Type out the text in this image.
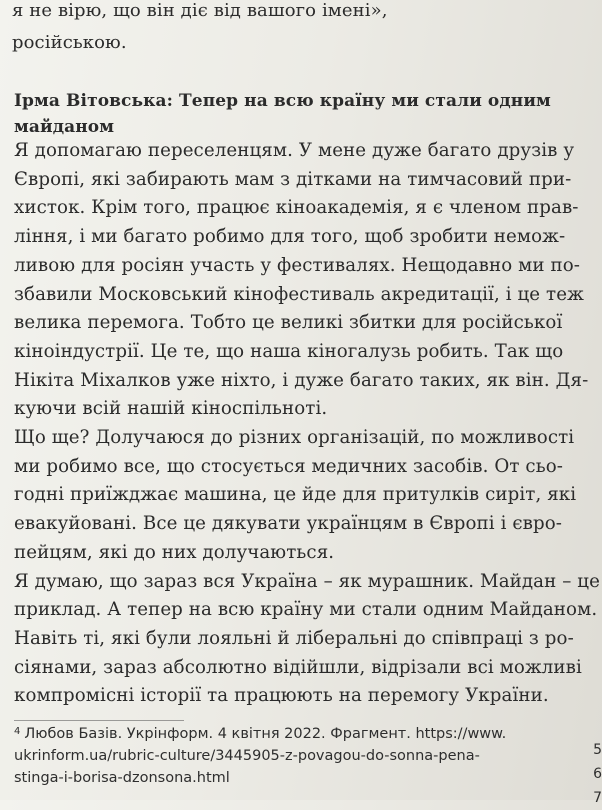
я не вірю, що він діє від вашого імені»,
російською.
Ірма Вітовська: Тепер на всю країну ми стали одним
майданом
Я допомагаю переселенцям. У мене дуже багато друзів у
Європі, які забирають мам з дітками на тимчасовий при-
хисток. Крім того, працює кіноакадемія, я є членом прав-
ління, і ми багато робимо для того, щоб зробити немож-
ливою для росіян участь у фестивалях. Нещодавно ми по-
збавили Московський кінофестиваль акредитації, і це теж
велика перемога. Тобто це великі збитки для російської
кіноіндустрії. Це те, що наша кіногалузь робить. Так що
Нікіта Міхалков уже ніхто, і дуже багато таких, як він. Дя-
куючи всій нашій кіноспільноті.
Що ще? Долучаюся до різних організацій, по можливості
ми робимо все, що стосується медичних засобів. От сьо-
годні приїжджає машина, це йде для притулків сиріт, які
евакуйовані. Все це дякувати українцям в Європі і євро-
пейцям, які до них долучаються.
Я думаю, що зараз вся Україна – як мурашник. Майдан – це
приклад. А тепер на всю країну ми стали одним Майданом.
Навіть ті, які були лояльні й ліберальні до співпраці з ро-
сіянами, зараз абсолютно відійшли, відрізали всі можливі
компромісні історії та працюють на перемогу України.
$^4$ Любов Базів. Укрінформ. 4 квітня 2022. Фрагмент. https://www.
ukrinform.ua/rubric-culture/3445905-z-povagou-do-sonna-pena-
stinga-i-borisa-dzonsona.html
5
6
7
